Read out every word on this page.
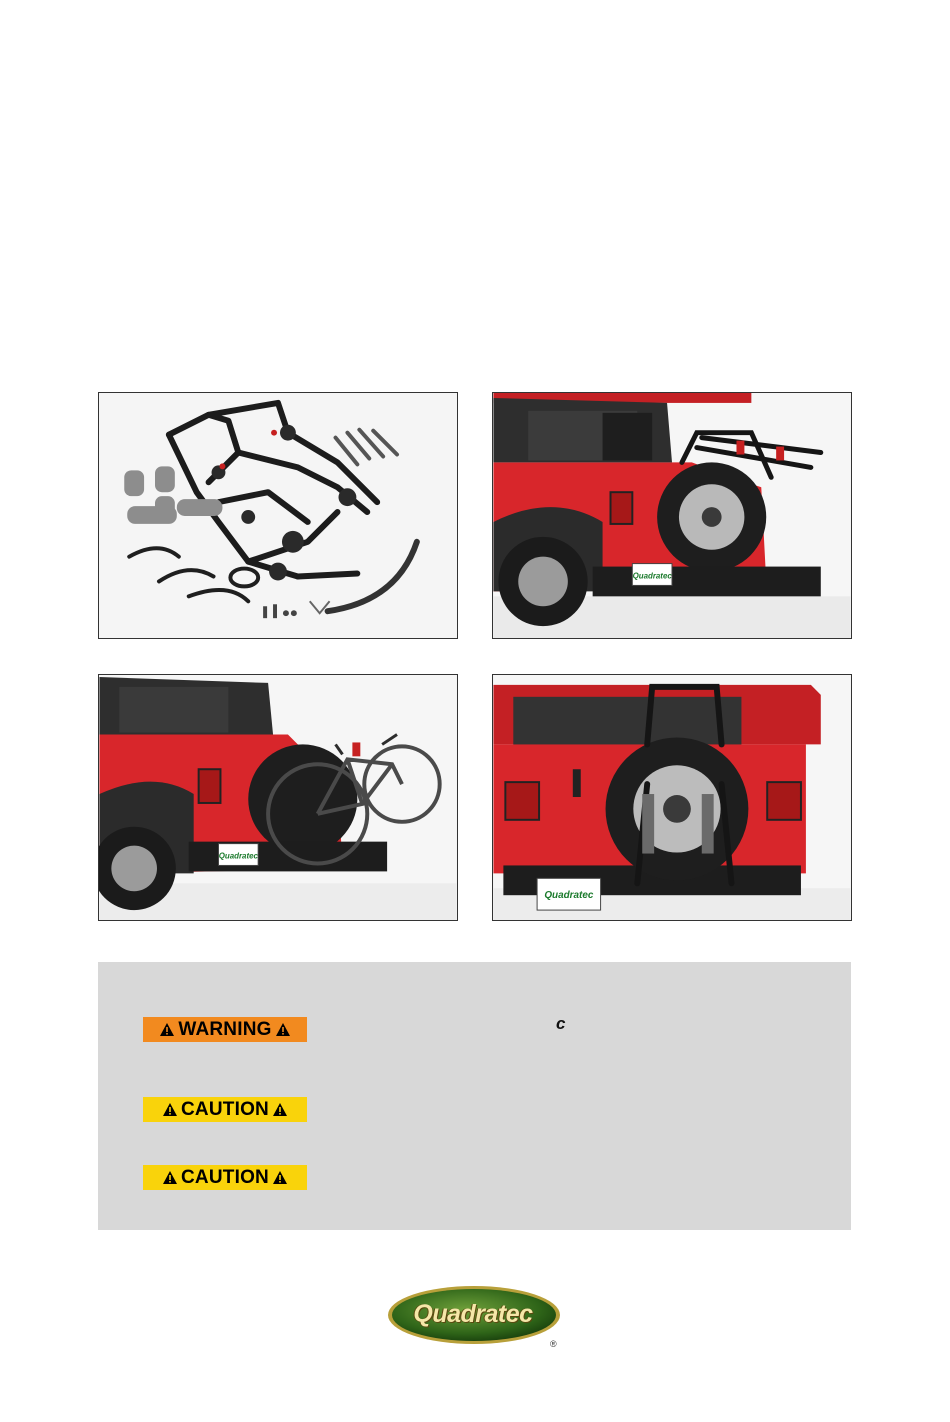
Quadratec
Quadratec
Quadratec
WARNING	c
CAUTION
CAUTION
Quadratec
®
